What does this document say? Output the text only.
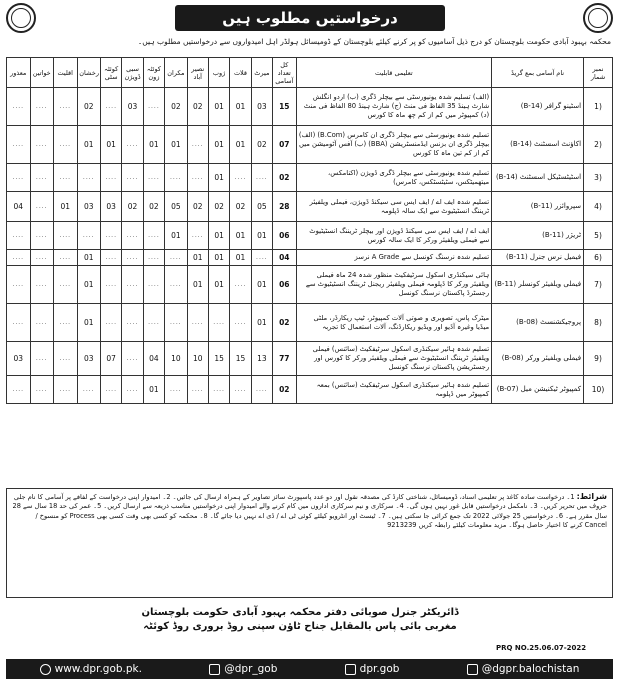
درخواستیں مطلوب ہیں
محکمہ بہبود آبادی حکومت بلوچستان کو درج ذیل آسامیوں کو پر کرنے کیلئے بلوچستان کے ڈومیسائل ہولڈر اہل امیدواروں سے درخواستیں مطلوب ہیں۔
معذور	خواتین	اقلیت	رخشان	کوئٹہ سٹی	سبی ڈویژن	کوئٹہ زون	مکران	نصیر آباد	ژوب	قلات	میرٹ	کل تعداد آسامی	تعلیمی قابلیت	نام آسامی بمع گریڈ	نمبر شمار
....	....	....	02	....	03	....	02	02	01	01	03	15	(الف) تسلیم شدہ یونیورسٹی سے بیچلر ڈگری (ب) اردو انگلش شارٹ ہینڈ 35 الفاظ فی منٹ (ج) شارٹ ہینڈ 80 الفاظ فی منٹ (د) کمپیوٹر میں کم از کم چھ ماہ کا کورس	اسٹینو گرافر (B-14)	1)
....	....	....	01	01	....	01	01	....	01	01	02	07	تسلیم شدہ یونیورسٹی سے بیچلر ڈگری ان کامرس (B.Com) (الف) بیچلر ڈگری ان بزنس ایڈمنسٹریشن (BBA) (ب) آفس آٹومیشن میں کم از کم تین ماہ کا کورس	اکاؤنٹ اسسٹنٹ (B-14)	2)
....	....	....	....	....	....	....	....	....	01	....	....	02	تسلیم شدہ یونیورسٹی سے بیچلر ڈگری ڈویژن (اکنامکس، میتھمیٹکس، سٹیٹسٹکس، کامرس)	اسٹیٹسٹیکل اسسٹنٹ (B-14)	3)
04	....	01	03	03	02	02	05	02	02	02	05	28	تسلیم شدہ ایف اے / ایف ایس سی سیکنڈ ڈویژن، فیملی ویلفیئر ٹریننگ انسٹیٹیوٹ سے ایک سالہ ڈپلومہ	سپروائزر (B-11)	4)
....	....	....	....	....	....	....	01	....	01	01	01	06	ایف اے / ایف ایس سی سیکنڈ ڈویژن اور بیچلر ٹریننگ انسٹیٹیوٹ سے فیملی ویلفیئر ورکر کا ایک سالہ کورس	ٹریژر (B-11)	5)
....	....	....	01	....	....	....	....	01	01	01	....	04	تسلیم شدہ نرسنگ کونسل سے A Grade نرسز	فیمیل نرس جنرل (B-11)	6)
....	....	....	01	....	....	....	....	01	01	....	01	06	ہائی سیکنڈری اسکول سرٹیفکیٹ منظور شدہ 24 ماہ فیملی ویلفیئر ورکر کا ڈپلومہ فیملی ویلفیئر ریجنل ٹریننگ انسٹیٹیوٹ سے رجسٹرڈ پاکستان نرسنگ کونسل	فیملی ویلفیئر کونسلر (B-11)	7)
....	....	....	01	....	....	....	....	....	....	....	01	02	میٹرک پاس، تصویری و صوتی آلات کمپیوٹر، ٹیپ ریکارڈر، ملٹی میڈیا وغیرہ آڈیو اور ویڈیو ریکارڈنگ، آلات استعمال کا تجربہ	پروجیکشنسٹ (B-08)	8)
03	....	....	03	07	....	04	10	10	15	15	13	77	تسلیم شدہ ہائیر سیکنڈری اسکول سرٹیفکیٹ (سائنس) فیملی ویلفیئر ٹریننگ انسٹیٹیوٹ سے فیملی ویلفیئر ورکر کا کورس اور رجسٹریشن پاکستان نرسنگ کونسل	فیملی ویلفیئر ورکر (B-08)	9)
....	....	....	....	....	....	01	....	....	....	....	....	02	تسلیم شدہ ہائیر سیکنڈری اسکول سرٹیفکیٹ (سائنس) بمعہ کمپیوٹر میں ڈپلومہ	کمپیوٹر ٹیکنیشن میل (B-07)	10)
شرائط: 1۔ درخواست سادہ کاغذ پر تعلیمی اسناد، ڈومیسائل، شناختی کارڈ کی مصدقہ نقول اور دو عدد پاسپورٹ سائز تصاویر کے ہمراہ ارسال کی جائیں۔ 2۔ امیدوار اپنی درخواست کے لفافے پر آسامی کا نام جلی حروف میں تحریر کریں۔ 3۔ نامکمل درخواستیں قابل غور نہیں ہوں گی۔ 4۔ سرکاری و نیم سرکاری اداروں میں کام کرنے والے امیدوار اپنی درخواستیں مناسب ذریعہ سے ارسال کریں۔ 5۔ عمر کی حد 18 سال سے 28 سال مقرر ہے۔ 6۔ درخواستیں 25 جولائی 2022 تک جمع کرائی جا سکتی ہیں۔ 7۔ ٹیسٹ اور انٹرویو کیلئے کوئی ٹی اے / ڈی اے نہیں دیا جائے گا۔ 8۔ محکمہ کو کسی بھی وقت کسی بھی Process کو منسوخ / Cancel کرنے کا اختیار حاصل ہوگا۔ مزید معلومات کیلئے رابطہ کریں 9213239
ڈائریکٹر جنرل صوبائی دفتر محکمہ بہبود آبادی حکومت بلوچستان
مغربی بائی پاس بالمقابل جناح ٹاؤن سپنی روڈ بروری روڈ کوئٹہ
PRQ NO.25.06.07-2022
www.dpr.gob.pk.	@dpr_gob	dpr.gob	@dgpr.balochistan
